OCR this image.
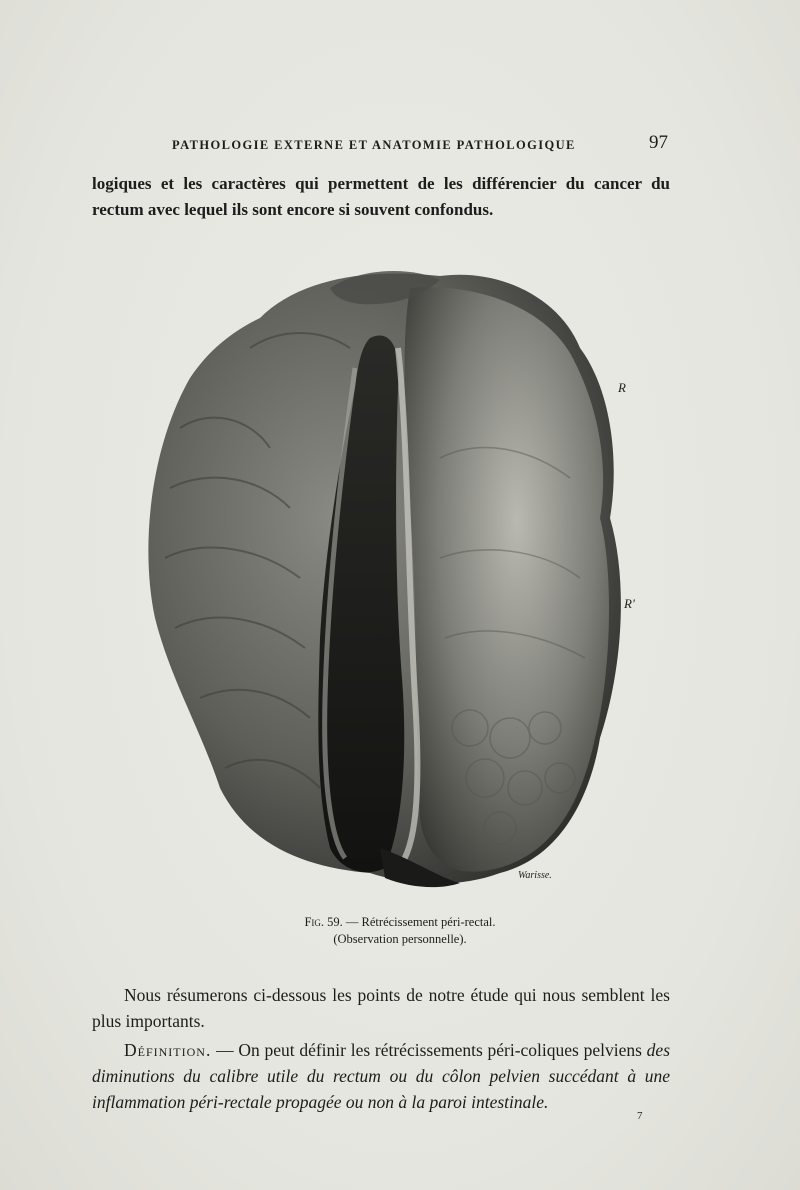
PATHOLOGIE EXTERNE ET ANATOMIE PATHOLOGIQUE	97
logiques et les caractères qui permettent de les différencier du cancer du rectum avec lequel ils sont encore si souvent confondus.
R
R'
Warisse.
Fig. 59. — Rétrécissement péri-rectal.
(Observation personnelle).
Nous résumerons ci-dessous les points de notre étude qui nous semblent les plus importants.
Définition. — On peut définir les rétrécissements péri-coliques pelviens des diminutions du calibre utile du rectum ou du côlon pelvien succédant à une inflammation péri-rectale propagée ou non à la paroi intestinale.
7
